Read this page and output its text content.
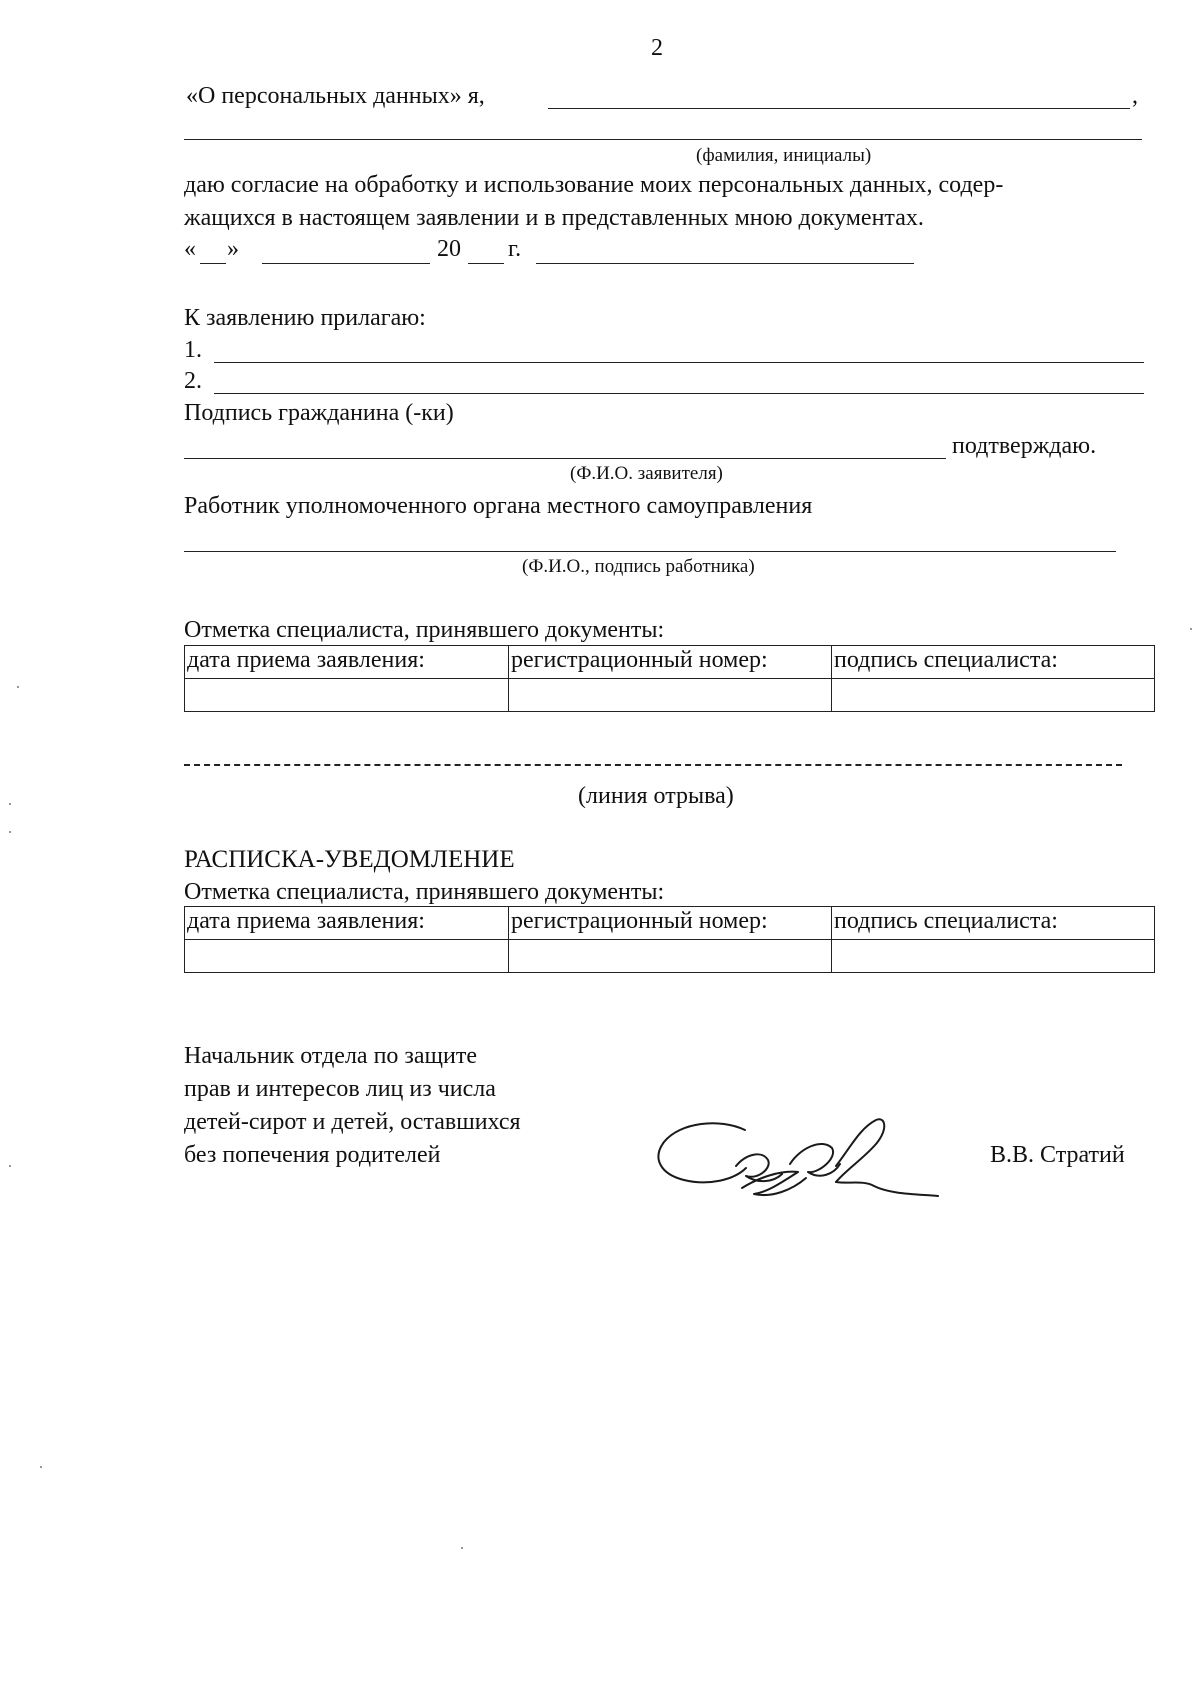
2
«О персональных данных» я,	,
(фамилия, инициалы)
даю согласие на обработку и использование моих персональных данных, содер-
жащихся в настоящем заявлении и в представленных мною документах.
« »	20 г.
К заявлению прилагаю:
1.
2.
Подпись гражданина (-ки)
подтверждаю.
(Ф.И.О. заявителя)
Работник уполномоченного органа местного самоуправления
(Ф.И.О., подпись работника)
Отметка специалиста, принявшего документы:
дата приема заявления:	регистрационный номер:	подпись специалиста:

(линия отрыва)
РАСПИСКА-УВЕДОМЛЕНИЕ
Отметка специалиста, принявшего документы:
дата приема заявления:	регистрационный номер:	подпись специалиста:

Начальник отдела по защите
прав и интересов лиц из числа
детей-сирот и детей, оставшихся
без попечения родителей	В.В. Стратий
